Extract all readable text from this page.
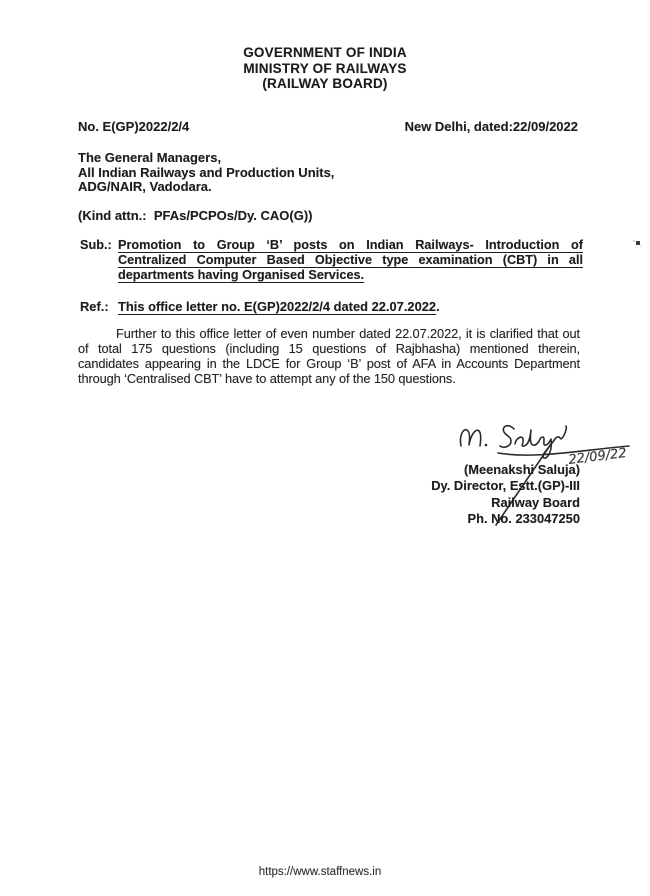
GOVERNMENT OF INDIA
MINISTRY OF RAILWAYS
(RAILWAY BOARD)
No. E(GP)2022/2/4	New Delhi, dated:22/09/2022
The General Managers,
All Indian Railways and Production Units,
ADG/NAIR, Vadodara.
(Kind attn.:  PFAs/PCPOs/Dy. CAO(G))
Sub.: Promotion to Group ‘B’ posts on Indian Railways- Introduction of
Centralized Computer Based Objective type examination (CBT) in all
departments having Organised Services.
Ref.: This office letter no. E(GP)2022/2/4 dated 22.07.2022.
Further to this office letter of even number dated 22.07.2022, it is clarified that out of total 175 questions (including 15 questions of Rajbhasha) mentioned therein, candidates appearing in the LDCE for Group ‘B’ post of AFA in Accounts Department through ‘Centralised CBT’ have to attempt any of the 150 questions.
22/09/22
(Meenakshi Saluja)
Dy. Director, Estt.(GP)-III
Railway Board
Ph. No. 233047250
https://www.staffnews.in
